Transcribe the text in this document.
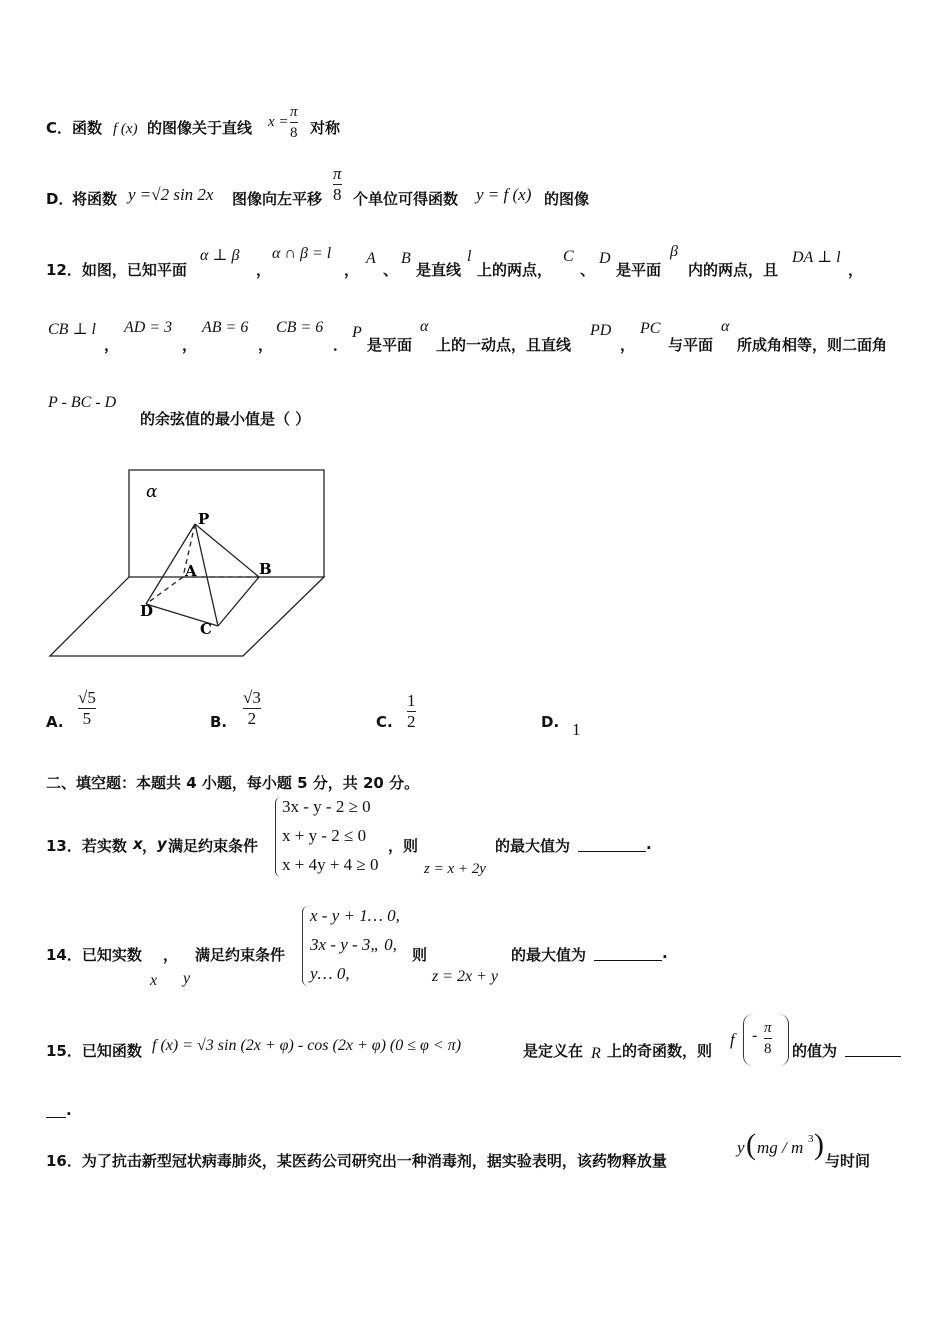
C． 函数 f (x) 的图像关于直线 x =
π
8 对称
D．
将函数 y =√2 sin 2x 图像向左平移
π
8 个单位可得函数 y = f (x) 的图像
12．如图，已知平面
α ⊥ β
，
α ∩ β = l
，
A
、
B
是直线
l
上的两点，
C
、
D
是平面
β
内的两点，且
DA ⊥ l
，
CB ⊥ l
，
AD = 3
，
AB = 6
，
CB = 6
．
P
是平面
α
上的一动点，且直线
PD
，
PC
与平面
α
所成角相等，则二面角
P - BC - D
的余弦值的最小值是（ ）
α
P
A	B
D
C
A.
√5
5	B.
√3
2	C.
1
2	D. 1
二、填空题：本题共 4 小题，每小题 5 分，共 20 分。
13．若实数 x ， y 满足约束条件
3x - y - 2 ≥ 0
x + y - 2 ≤ 0
x + 4y + 4 ≥ 0
，则
z = x + 2y
的最大值为	.
14．已知实数 ， 满足约束条件
x y
x - y + 1… 0,
3x - y - 3„ 0,
y… 0,
则
z = 2x + y
的最大值为	.
15．已知函数 f (x) = √3 sin (2x + φ) - cos (2x + φ) (0 ≤ φ < π)	是定义在 R 上的奇函数，则
f - π
8 的值为
.
16．为了抗击新型冠状病毒肺炎，某医药公司研究出一种消毒剂，据实验表明，该药物释放量
y ( mg / m 3 ) 与时间
